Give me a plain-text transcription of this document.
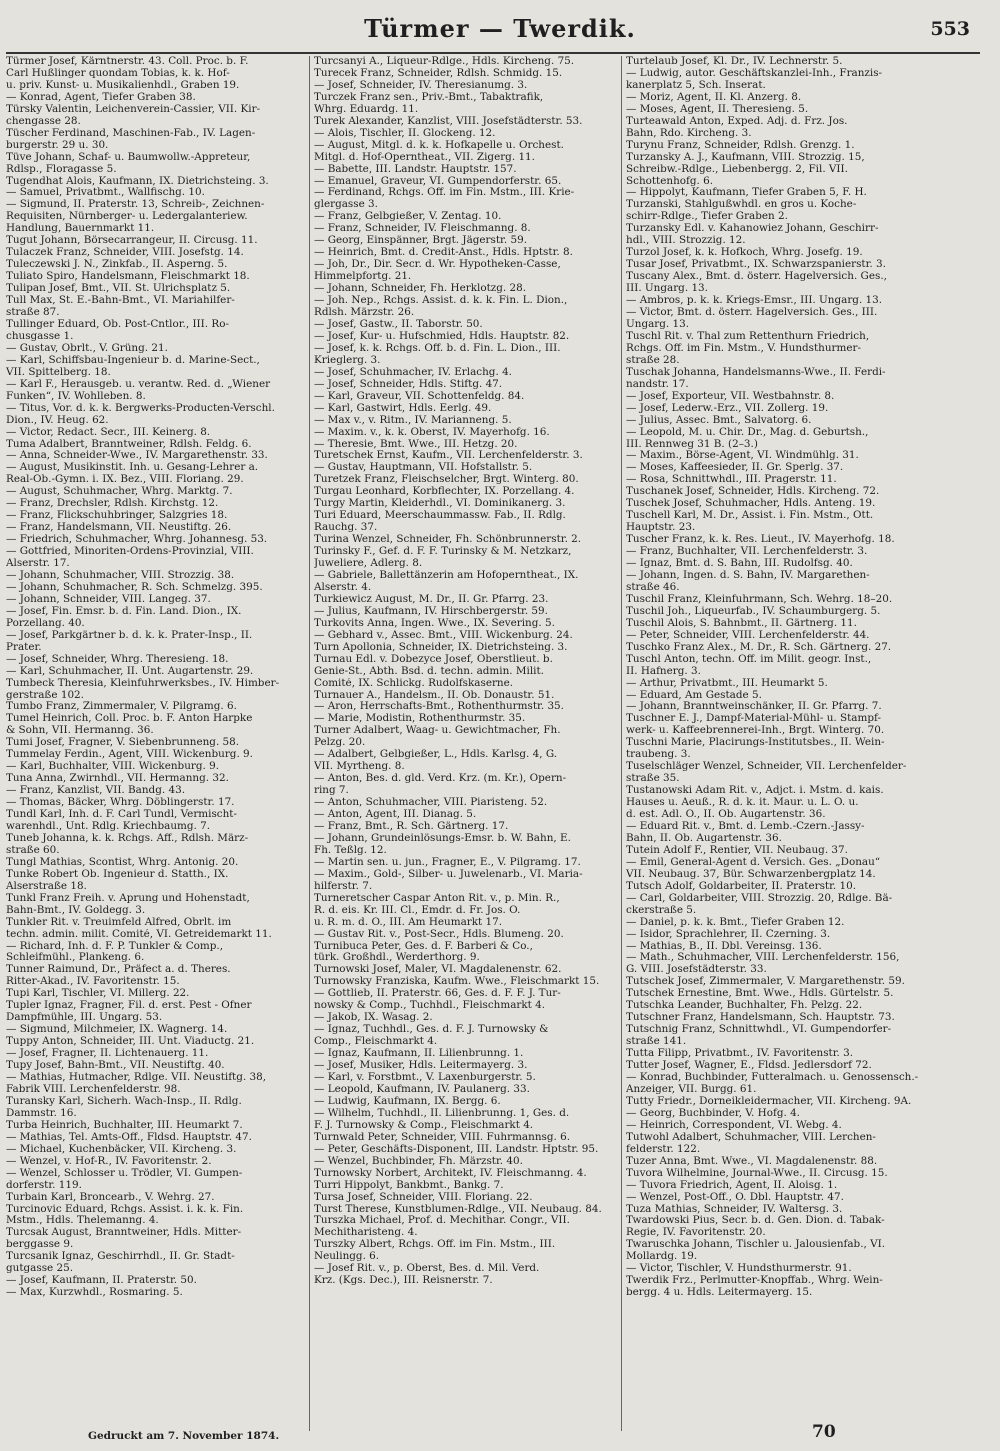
Türmer — Twerdik.	553
Türmer Josef, Kärntnerstr. 43. Coll. Proc. b. F.
Carl Hußlinger quondam Tobias, k. k. Hof-
u. priv. Kunst- u. Musikalienhdl., Graben 19.
— Konrad, Agent, Tiefer Graben 38.
Türsky Valentin, Leichenverein-Cassier, VII. Kir-
chengasse 28.
Tüscher Ferdinand, Maschinen-Fab., IV. Lagen-
burgerstr. 29 u. 30.
Tüve Johann, Schaf- u. Baumwollw.-Appreteur,
Rdlsp., Floragasse 5.
Tugendhat Alois, Kaufmann, IX. Dietrichsteing. 3.
— Samuel, Privatbmt., Wallfischg. 10.
— Sigmund, II. Praterstr. 13, Schreib-, Zeichnen-
Requisiten, Nürnberger- u. Ledergalanteriew.
Handlung, Bauernmarkt 11.
Tugut Johann, Börsecarrangeur, II. Circusg. 11.
Tulaczek Franz, Schneider, VIII. Josefstg. 14.
Tuleczewski J. N., Zinkfab., II. Asperng. 5.
Tuliato Spiro, Handelsmann, Fleischmarkt 18.
Tulipan Josef, Bmt., VII. St. Ulrichsplatz 5.
Tull Max, St. E.-Bahn-Bmt., VI. Mariahilfer-
straße 87.
Tullinger Eduard, Ob. Post-Cntlor., III. Ro-
chusgasse 1.
— Gustav, Obrlt., V. Grüng. 21.
— Karl, Schiffsbau-Ingenieur b. d. Marine-Sect.,
VII. Spittelberg. 18.
— Karl F., Herausgeb. u. verantw. Red. d. „Wiener
Funken“, IV. Wohlleben. 8.
— Titus, Vor. d. k. k. Bergwerks-Producten-Verschl.
Dion., IV. Heug. 62.
— Victor, Redact. Secr., III. Keinerg. 8.
Tuma Adalbert, Branntweiner, Rdlsh. Feldg. 6.
— Anna, Schneider-Wwe., IV. Margarethenstr. 33.
— August, Musikinstit. Inh. u. Gesang-Lehrer a.
Real-Ob.-Gymn. i. IX. Bez., VIII. Floriang. 29.
— August, Schuhmacher, Whrg. Marktg. 7.
— Franz, Drechsler, Rdlsh. Kirchstg. 12.
— Franz, Flickschuhbringer, Salzgries 18.
— Franz, Handelsmann, VII. Neustiftg. 26.
— Friedrich, Schuhmacher, Whrg. Johannesg. 53.
— Gottfried, Minoriten-Ordens-Provinzial, VIII.
Alserstr. 17.
— Johann, Schuhmacher, VIII. Strozzig. 38.
— Johann, Schuhmacher, R. Sch. Schmelzg. 395.
— Johann, Schneider, VIII. Langeg. 37.
— Josef, Fin. Emsr. b. d. Fin. Land. Dion., IX.
Porzellang. 40.
— Josef, Parkgärtner b. d. k. k. Prater-Insp., II.
Prater.
— Josef, Schneider, Whrg. Theresieng. 18.
— Karl, Schuhmacher, II. Unt. Augartenstr. 29.
Tumbeck Theresia, Kleinfuhrwerksbes., IV. Himber-
gerstraße 102.
Tumbo Franz, Zimmermaler, V. Pilgramg. 6.
Tumel Heinrich, Coll. Proc. b. F. Anton Harpke
& Sohn, VII. Hermanng. 36.
Tumi Josef, Fragner, V. Siebenbrunneng. 58.
Tummelay Ferdin., Agent, VIII. Wickenburg. 9.
— Karl, Buchhalter, VIII. Wickenburg. 9.
Tuna Anna, Zwirnhdl., VII. Hermanng. 32.
— Franz, Kanzlist, VII. Bandg. 43.
— Thomas, Bäcker, Whrg. Döblingerstr. 17.
Tundl Karl, Inh. d. F. Carl Tundl, Vermischt-
warenhdl., Unt. Rdlg. Kriechbaumg. 7.
Tuneb Johanna, k. k. Rchgs. Aff., Rdlsh. März-
straße 60.
Tungl Mathias, Scontist, Whrg. Antonig. 20.
Tunke Robert Ob. Ingenieur d. Statth., IX.
Alserstraße 18.
Tunkl Franz Freih. v. Aprung und Hohenstadt,
Bahn-Bmt., IV. Goldegg. 3.
Tunkler Rit. v. Treuimfeld Alfred, Obrlt. im
techn. admin. milit. Comité, VI. Getreidemarkt 11.
— Richard, Inh. d. F. P. Tunkler & Comp.,
Schleifmühl., Plankeng. 6.
Tunner Raimund, Dr., Präfect a. d. Theres.
Ritter-Akad., IV. Favoritenstr. 15.
Tupi Karl, Tischler, VI. Millerg. 22.
Tupler Ignaz, Fragner, Fil. d. erst. Pest - Ofner
Dampfmühle, III. Ungarg. 53.
— Sigmund, Milchmeier, IX. Wagnerg. 14.
Tuppy Anton, Schneider, III. Unt. Viaductg. 21.
— Josef, Fragner, II. Lichtenauerg. 11.
Tupy Josef, Bahn-Bmt., VII. Neustiftg. 40.
— Mathias, Hutmacher, Rdlge. VII. Neustiftg. 38,
Fabrik VIII. Lerchenfelderstr. 98.
Turansky Karl, Sicherh. Wach-Insp., II. Rdlg.
Dammstr. 16.
Turba Heinrich, Buchhalter, III. Heumarkt 7.
— Mathias, Tel. Amts-Off., Fldsd. Hauptstr. 47.
— Michael, Kuchenbäcker, VII. Kircheng. 3.
— Wenzel, v. Hof-R., IV. Favoritenstr. 2.
— Wenzel, Schlosser u. Trödler, VI. Gumpen-
dorferstr. 119.
Turbain Karl, Broncearb., V. Wehrg. 27.
Turcinovic Eduard, Rchgs. Assist. i. k. k. Fin.
Mstm., Hdls. Thelemanng. 4.
Turcsak August, Branntweiner, Hdls. Mitter-
berggasse 9.
Turcsanik Ignaz, Geschirrhdl., II. Gr. Stadt-
gutgasse 25.
— Josef, Kaufmann, II. Praterstr. 50.
— Max, Kurzwhdl., Rosmaring. 5.
Turcsanyi A., Liqueur-Rdlge., Hdls. Kircheng. 75.
Turecek Franz, Schneider, Rdlsh. Schmidg. 15.
— Josef, Schneider, IV. Theresianumg. 3.
Turczek Franz sen., Priv.-Bmt., Tabaktrafik,
Whrg. Eduardg. 11.
Turek Alexander, Kanzlist, VIII. Josefstädterstr. 53.
— Alois, Tischler, II. Glockeng. 12.
— August, Mitgl. d. k. k. Hofkapelle u. Orchest.
Mitgl. d. Hof-Operntheat., VII. Zigerg. 11.
— Babette, III. Landstr. Hauptstr. 157.
— Emanuel, Graveur, VI. Gumpendorferstr. 65.
— Ferdinand, Rchgs. Off. im Fin. Mstm., III. Krie-
glergasse 3.
— Franz, Gelbgießer, V. Zentag. 10.
— Franz, Schneider, IV. Fleischmanng. 8.
— Georg, Einspänner, Brgt. Jägerstr. 59.
— Heinrich, Bmt. d. Credit-Anst., Hdls. Hptstr. 8.
— Joh, Dr., Dir. Secr. d. Wr. Hypotheken-Casse,
Himmelpfortg. 21.
— Johann, Schneider, Fh. Herklotzg. 28.
— Joh. Nep., Rchgs. Assist. d. k. k. Fin. L. Dion.,
Rdlsh. Märzstr. 26.
— Josef, Gastw., II. Taborstr. 50.
— Josef, Kur- u. Hufschmied, Hdls. Hauptstr. 82.
— Josef, k. k. Rchgs. Off. b. d. Fin. L. Dion., III.
Krieglerg. 3.
— Josef, Schuhmacher, IV. Erlachg. 4.
— Josef, Schneider, Hdls. Stiftg. 47.
— Karl, Graveur, VII. Schottenfeldg. 84.
— Karl, Gastwirt, Hdls. Eerlg. 49.
— Max v., v. Ritm., IV. Marianneng. 5.
— Maxim. v., k. k. Oberst, IV. Mayerhofg. 16.
— Theresie, Bmt. Wwe., III. Hetzg. 20.
Turetschek Ernst, Kaufm., VII. Lerchenfelderstr. 3.
— Gustav, Hauptmann, VII. Hofstallstr. 5.
Turetzek Franz, Fleischselcher, Brgt. Winterg. 80.
Turgau Leonhard, Korbflechter, IX. Porzellang. 4.
Turgy Martin, Kleiderhdl., VI. Dominikanerg. 3.
Turi Eduard, Meerschaummassw. Fab., II. Rdlg.
Rauchg. 37.
Turina Wenzel, Schneider, Fh. Schönbrunnerstr. 2.
Turinsky F., Gef. d. F. F. Turinsky & M. Netzkarz,
Juweliere, Adlerg. 8.
— Gabriele, Ballettänzerin am Hofoperntheat., IX.
Alserstr. 4.
Turkiewicz August, M. Dr., II. Gr. Pfarrg. 23.
— Julius, Kaufmann, IV. Hirschbergerstr. 59.
Turkovits Anna, Ingen. Wwe., IX. Severing. 5.
— Gebhard v., Assec. Bmt., VIII. Wickenburg. 24.
Turn Apollonia, Schneider, IX. Dietrichsteing. 3.
Turnau Edl. v. Dobezyce Josef, Oberstlieut. b.
Genie-St., Abth. Bsd. d. techn. admin. Milit.
Comité, IX. Schlickg. Rudolfskaserne.
Turnauer A., Handelsm., II. Ob. Donaustr. 51.
— Aron, Herrschafts-Bmt., Rothenthurmstr. 35.
— Marie, Modistin, Rothenthurmstr. 35.
Turner Adalbert, Waag- u. Gewichtmacher, Fh.
Pelzg. 20.
— Adalbert, Gelbgießer, L., Hdls. Karlsg. 4, G.
VII. Myrtheng. 8.
— Anton, Bes. d. gld. Verd. Krz. (m. Kr.), Opern-
ring 7.
— Anton, Schuhmacher, VIII. Piaristeng. 52.
— Anton, Agent, III. Dianag. 5.
— Franz, Bmt., R. Sch. Gärtnerg. 17.
— Johann, Grundeinlösungs-Emsr. b. W. Bahn, E.
Fh. Teßlg. 12.
— Martin sen. u. jun., Fragner, E., V. Pilgramg. 17.
— Maxim., Gold-, Silber- u. Juwelenarb., VI. Maria-
hilferstr. 7.
Turneretscher Caspar Anton Rit. v., p. Min. R.,
R. d. eis. Kr. III. Cl., Emdr. d. Fr. Jos. O.
u. R. m. d. O., III. Am Heumarkt 17.
— Gustav Rit. v., Post-Secr., Hdls. Blumeng. 20.
Turnibuca Peter, Ges. d. F. Barberi & Co.,
türk. Großhdl., Werderthorg. 9.
Turnowski Josef, Maler, VI. Magdalenenstr. 62.
Turnowsky Franziska, Kaufm. Wwe., Fleischmarkt 15.
— Gottlieb, II. Praterstr. 66, Ges. d. F. F. J. Tur-
nowsky & Comp., Tuchhdl., Fleischmarkt 4.
— Jakob, IX. Wasag. 2.
— Ignaz, Tuchhdl., Ges. d. F. J. Turnowsky &
Comp., Fleischmarkt 4.
— Ignaz, Kaufmann, II. Lilienbrunng. 1.
— Josef, Musiker, Hdls. Leitermayerg. 3.
— Karl, v. Forstbmt., V. Laxenburgerstr. 5.
— Leopold, Kaufmann, IV. Paulanerg. 33.
— Ludwig, Kaufmann, IX. Bergg. 6.
— Wilhelm, Tuchhdl., II. Lilienbrunng. 1, Ges. d.
F. J. Turnowsky & Comp., Fleischmarkt 4.
Turnwald Peter, Schneider, VIII. Fuhrmannsg. 6.
— Peter, Geschäfts-Disponent, III. Landstr. Hptstr. 95.
— Wenzel, Buchbinder, Fh. Märzstr. 40.
Turnowsky Norbert, Architekt, IV. Fleischmanng. 4.
Turri Hippolyt, Bankbmt., Bankg. 7.
Tursa Josef, Schneider, VIII. Floriang. 22.
Turst Therese, Kunstblumen-Rdlge., VII. Neubaug. 84.
Turszka Michael, Prof. d. Mechithar. Congr., VII.
Mechitharisteng. 4.
Turszky Albert, Rchgs. Off. im Fin. Mstm., III.
Neulingg. 6.
— Josef Rit. v., p. Oberst, Bes. d. Mil. Verd.
Krz. (Kgs. Dec.), III. Reisnerstr. 7.
Turtelaub Josef, Kl. Dr., IV. Lechnerstr. 5.
— Ludwig, autor. Geschäftskanzlei-Inh., Franzis-
kanerplatz 5, Sch. Inserat.
— Moriz, Agent, II. Kl. Anzerg. 8.
— Moses, Agent, II. Theresieng. 5.
Turteawald Anton, Exped. Adj. d. Frz. Jos.
Bahn, Rdo. Kircheng. 3.
Turynu Franz, Schneider, Rdlsh. Grenzg. 1.
Turzansky A. J., Kaufmann, VIII. Strozzig. 15,
Schreibw.-Rdlge., Liebenbergg. 2, Fil. VII.
Schottenhofg. 6.
— Hippolyt, Kaufmann, Tiefer Graben 5, F. H.
Turzanski, Stahlgußwhdl. en gros u. Koche-
schirr-Rdlge., Tiefer Graben 2.
Turzansky Edl. v. Kahanowiez Johann, Geschirr-
hdl., VIII. Strozzig. 12.
Turzol Josef, k. k. Hofkoch, Whrg. Josefg. 19.
Tusar Josef, Privatbmt., IX. Schwarzspanierstr. 3.
Tuscany Alex., Bmt. d. österr. Hagelversich. Ges.,
III. Ungarg. 13.
— Ambros, p. k. k. Kriegs-Emsr., III. Ungarg. 13.
— Victor, Bmt. d. österr. Hagelversich. Ges., III.
Ungarg. 13.
Tuschl Rit. v. Thal zum Rettenthurn Friedrich,
Rchgs. Off. im Fin. Mstm., V. Hundsthurmer-
straße 28.
Tuschak Johanna, Handelsmanns-Wwe., II. Ferdi-
nandstr. 17.
— Josef, Exporteur, VII. Westbahnstr. 8.
— Josef, Lederw.-Erz., VII. Zollerg. 19.
— Julius, Assec. Bmt., Salvatorg. 6.
— Leopold, M. u. Chir. Dr., Mag. d. Geburtsh.,
III. Rennweg 31 B. (2–3.)
— Maxim., Börse-Agent, VI. Windmühlg. 31.
— Moses, Kaffeesieder, II. Gr. Sperlg. 37.
— Rosa, Schnittwhdl., III. Pragerstr. 11.
Tuschanek Josef, Schneider, Hdls. Kircheng. 72.
Tuschek Josef, Schuhmacher, Hdls. Anteng. 19.
Tuschell Karl, M. Dr., Assist. i. Fin. Mstm., Ott.
Hauptstr. 23.
Tuscher Franz, k. k. Res. Lieut., IV. Mayerhofg. 18.
— Franz, Buchhalter, VII. Lerchenfelderstr. 3.
— Ignaz, Bmt. d. S. Bahn, III. Rudolfsg. 40.
— Johann, Ingen. d. S. Bahn, IV. Margarethen-
straße 46.
Tuschil Franz, Kleinfuhrmann, Sch. Wehrg. 18–20.
Tuschil Joh., Liqueurfab., IV. Schaumburgerg. 5.
Tuschil Alois, S. Bahnbmt., II. Gärtnerg. 11.
— Peter, Schneider, VIII. Lerchenfelderstr. 44.
Tuschko Franz Alex., M. Dr., R. Sch. Gärtnerg. 27.
Tuschl Anton, techn. Off. im Milit. geogr. Inst.,
II. Hafnerg. 3.
— Arthur, Privatbmt., III. Heumarkt 5.
— Eduard, Am Gestade 5.
— Johann, Branntweinschänker, II. Gr. Pfarrg. 7.
Tuschner E. J., Dampf-Material-Mühl- u. Stampf-
werk- u. Kaffeebrennerei-Inh., Brgt. Winterg. 70.
Tuschni Marie, Placirungs-Institutsbes., II. Wein-
traubeng. 3.
Tuselschläger Wenzel, Schneider, VII. Lerchenfelder-
straße 35.
Tustanowski Adam Rit. v., Adjct. i. Mstm. d. kais.
Hauses u. Aeuß., R. d. k. it. Maur. u. L. O. u.
d. est. Adl. O., II. Ob. Augartenstr. 36.
— Eduard Rit. v., Bmt. d. Lemb.-Czern.-Jassy-
Bahn, II. Ob. Augartenstr. 36.
Tutein Adolf F., Rentier, VII. Neubaug. 37.
— Emil, General-Agent d. Versich. Ges. „Donau“
VII. Neubaug. 37, Bür. Schwarzenbergplatz 14.
Tutsch Adolf, Goldarbeiter, II. Praterstr. 10.
— Carl, Goldarbeiter, VIII. Strozzig. 20, Rdlge. Bä-
ckerstraße 5.
— Daniel, p. k. k. Bmt., Tiefer Graben 12.
— Isidor, Sprachlehrer, II. Czerning. 3.
— Mathias, B., II. Dbl. Vereinsg. 136.
— Math., Schuhmacher, VIII. Lerchenfelderstr. 156,
G. VIII. Josefstädterstr. 33.
Tutschek Josef, Zimmermaler, V. Margarethenstr. 59.
Tutschek Ernestine, Bmt. Wwe., Hdls. Gürtelstr. 5.
Tutschka Leander, Buchhalter, Fh. Pelzg. 22.
Tutschner Franz, Handelsmann, Sch. Hauptstr. 73.
Tutschnig Franz, Schnittwhdl., VI. Gumpendorfer-
straße 141.
Tutta Filipp, Privatbmt., IV. Favoritenstr. 3.
Tutter Josef, Wagner, E., Fldsd. Jedlersdorf 72.
— Konrad, Buchbinder, Futteralmach. u. Genossensch.-
Anzeiger, VII. Burgg. 61.
Tutty Friedr., Dorneikleidermacher, VII. Kircheng. 9A.
— Georg, Buchbinder, V. Hofg. 4.
— Heinrich, Correspondent, VI. Webg. 4.
Tutwohl Adalbert, Schuhmacher, VIII. Lerchen-
felderstr. 122.
Tuzer Anna, Bmt. Wwe., VI. Magdalenenstr. 88.
Tuvora Wilhelmine, Journal-Wwe., II. Circusg. 15.
— Tuvora Friedrich, Agent, II. Aloisg. 1.
— Wenzel, Post-Off., O. Dbl. Hauptstr. 47.
Tuza Mathias, Schneider, IV. Waltersg. 3.
Twardowski Pius, Secr. b. d. Gen. Dion. d. Tabak-
Regie, IV. Favoritenstr. 20.
Twaruschka Johann, Tischler u. Jalousienfab., VI.
Mollardg. 19.
— Victor, Tischler, V. Hundsthurmerstr. 91.
Twerdik Frz., Perlmutter-Knopffab., Whrg. Wein-
bergg. 4 u. Hdls. Leitermayerg. 15.
Gedruckt am 7. November 1874.	70
